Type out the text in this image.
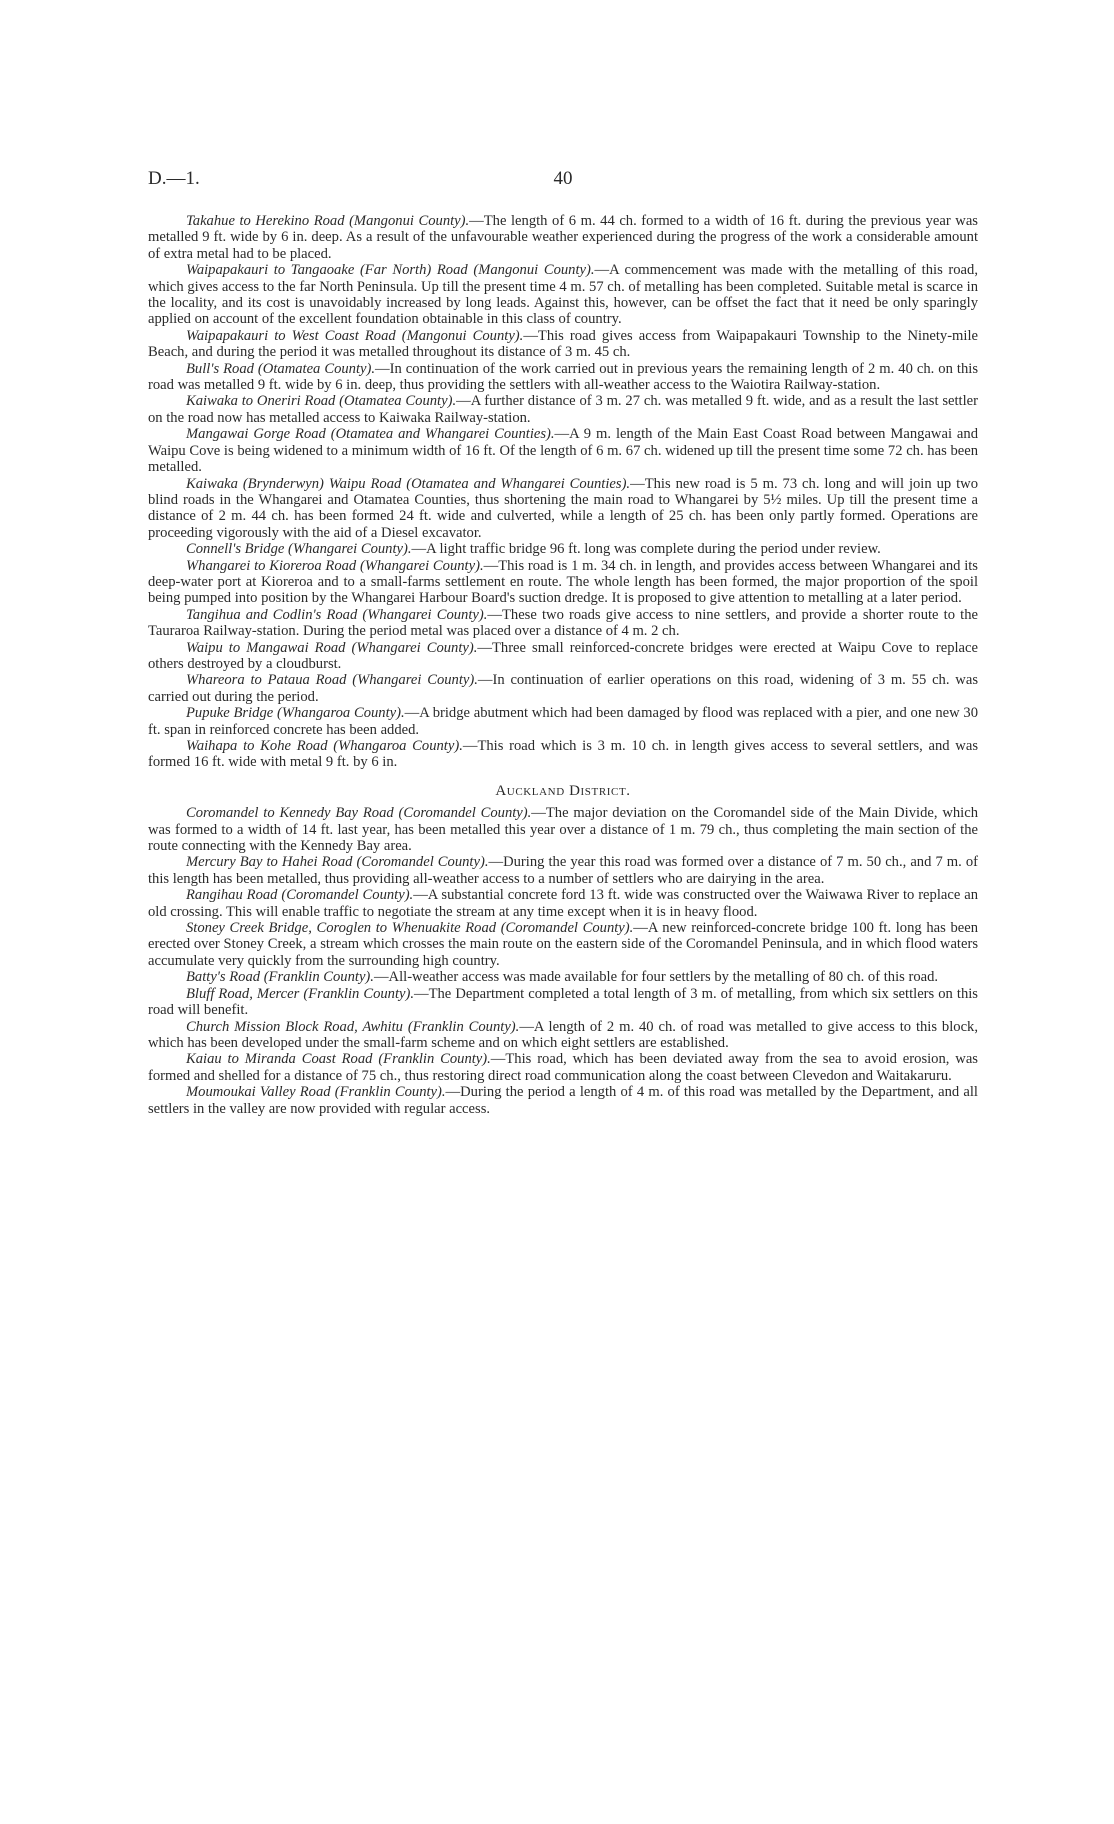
D.—1.	40

Takahue to Herekino Road (Mangonui County).—The length of 6 m. 44 ch. formed to a width of 16 ft. during the previous year was metalled 9 ft. wide by 6 in. deep. As a result of the unfavourable weather experienced during the progress of the work a considerable amount of extra metal had to be placed.

Waipapakauri to Tangaoake (Far North) Road (Mangonui County).—A commencement was made with the metalling of this road, which gives access to the far North Peninsula. Up till the present time 4 m. 57 ch. of metalling has been completed. Suitable metal is scarce in the locality, and its cost is unavoidably increased by long leads. Against this, however, can be offset the fact that it need be only sparingly applied on account of the excellent foundation obtainable in this class of country.

Waipapakauri to West Coast Road (Mangonui County).—This road gives access from Waipapakauri Township to the Ninety-mile Beach, and during the period it was metalled throughout its distance of 3 m. 45 ch.

Bull's Road (Otamatea County).—In continuation of the work carried out in previous years the remaining length of 2 m. 40 ch. on this road was metalled 9 ft. wide by 6 in. deep, thus providing the settlers with all-weather access to the Waiotira Railway-station.

Kaiwaka to Oneriri Road (Otamatea County).—A further distance of 3 m. 27 ch. was metalled 9 ft. wide, and as a result the last settler on the road now has metalled access to Kaiwaka Railway-station.

Mangawai Gorge Road (Otamatea and Whangarei Counties).—A 9 m. length of the Main East Coast Road between Mangawai and Waipu Cove is being widened to a minimum width of 16 ft. Of the length of 6 m. 67 ch. widened up till the present time some 72 ch. has been metalled.

Kaiwaka (Brynderwyn) Waipu Road (Otamatea and Whangarei Counties).—This new road is 5 m. 73 ch. long and will join up two blind roads in the Whangarei and Otamatea Counties, thus shortening the main road to Whangarei by 5½ miles. Up till the present time a distance of 2 m. 44 ch. has been formed 24 ft. wide and culverted, while a length of 25 ch. has been only partly formed. Operations are proceeding vigorously with the aid of a Diesel excavator.

Connell's Bridge (Whangarei County).—A light traffic bridge 96 ft. long was complete during the period under review.

Whangarei to Kioreroa Road (Whangarei County).—This road is 1 m. 34 ch. in length, and provides access between Whangarei and its deep-water port at Kioreroa and to a small-farms settlement en route. The whole length has been formed, the major proportion of the spoil being pumped into position by the Whangarei Harbour Board's suction dredge. It is proposed to give attention to metalling at a later period.

Tangihua and Codlin's Road (Whangarei County).—These two roads give access to nine settlers, and provide a shorter route to the Tauraroa Railway-station. During the period metal was placed over a distance of 4 m. 2 ch.

Waipu to Mangawai Road (Whangarei County).—Three small reinforced-concrete bridges were erected at Waipu Cove to replace others destroyed by a cloudburst.

Whareora to Pataua Road (Whangarei County).—In continuation of earlier operations on this road, widening of 3 m. 55 ch. was carried out during the period.

Pupuke Bridge (Whangaroa County).—A bridge abutment which had been damaged by flood was replaced with a pier, and one new 30 ft. span in reinforced concrete has been added.

Waihapa to Kohe Road (Whangaroa County).—This road which is 3 m. 10 ch. in length gives access to several settlers, and was formed 16 ft. wide with metal 9 ft. by 6 in.

Auckland District.

Coromandel to Kennedy Bay Road (Coromandel County).—The major deviation on the Coromandel side of the Main Divide, which was formed to a width of 14 ft. last year, has been metalled this year over a distance of 1 m. 79 ch., thus completing the main section of the route connecting with the Kennedy Bay area.

Mercury Bay to Hahei Road (Coromandel County).—During the year this road was formed over a distance of 7 m. 50 ch., and 7 m. of this length has been metalled, thus providing all-weather access to a number of settlers who are dairying in the area.

Rangihau Road (Coromandel County).—A substantial concrete ford 13 ft. wide was constructed over the Waiwawa River to replace an old crossing. This will enable traffic to negotiate the stream at any time except when it is in heavy flood.

Stoney Creek Bridge, Coroglen to Whenuakite Road (Coromandel County).—A new reinforced-concrete bridge 100 ft. long has been erected over Stoney Creek, a stream which crosses the main route on the eastern side of the Coromandel Peninsula, and in which flood waters accumulate very quickly from the surrounding high country.

Batty's Road (Franklin County).—All-weather access was made available for four settlers by the metalling of 80 ch. of this road.

Bluff Road, Mercer (Franklin County).—The Department completed a total length of 3 m. of metalling, from which six settlers on this road will benefit.

Church Mission Block Road, Awhitu (Franklin County).—A length of 2 m. 40 ch. of road was metalled to give access to this block, which has been developed under the small-farm scheme and on which eight settlers are established.

Kaiau to Miranda Coast Road (Franklin County).—This road, which has been deviated away from the sea to avoid erosion, was formed and shelled for a distance of 75 ch., thus restoring direct road communication along the coast between Clevedon and Waitakaruru.

Moumoukai Valley Road (Franklin County).—During the period a length of 4 m. of this road was metalled by the Department, and all settlers in the valley are now provided with regular access.
